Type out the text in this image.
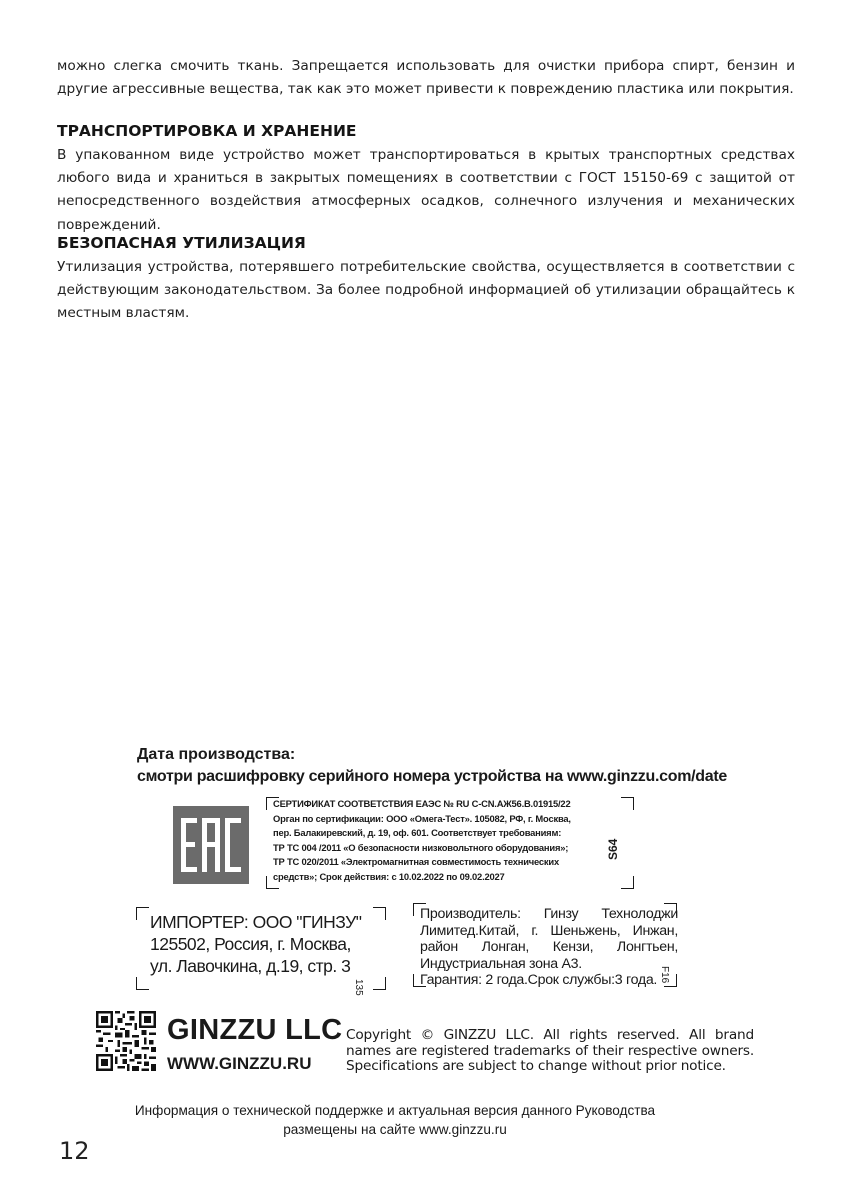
можно слегка смочить ткань. Запрещается использовать для очистки прибора спирт, бензин и другие агрессивные вещества, так как это может привести к повреждению пластика или покрытия.
ТРАНСПОРТИРОВКА И ХРАНЕНИЕ
В упакованном виде устройство может транспортироваться в крытых транспортных средствах любого вида и храниться в закрытых помещениях в соответствии с ГОСТ 15150-69 с защитой от непосредственного воздействия атмосферных осадков, солнечного излучения и механических повреждений.
БЕЗОПАСНАЯ УТИЛИЗАЦИЯ
Утилизация устройства, потерявшего потребительские свойства, осуществляется в соответствии с действующим законодательством. За более подробной информацией об утилизации обращайтесь к местным властям.
Дата производства:
смотри расшифровку серийного номера устройства на www.ginzzu.com/date
СЕРТИФИКАТ СООТВЕТСТВИЯ ЕАЭС № RU C-CN.АЖ56.В.01915/22
Орган по сертификации: ООО «Омега-Тест». 105082, РФ, г. Москва,
пер. Балакиревский, д. 19, оф. 601. Соответствует требованиям:
ТР ТС 004 /2011 «О безопасности низковольтного оборудования»;
ТР ТС 020/2011 «Электромагнитная совместимость технических
средств»; Срок действия: с 10.02.2022 по 09.02.2027
S64
ИМПОРТЕР: ООО "ГИНЗУ"
125502, Россия, г. Москва,
ул. Лавочкина, д.19, стр. 3
135
Производитель: Гинзу Технолоджи
Лимитед.Китай, г. Шеньжень, Инжан,
район Лонган, Кензи, Лонгтьен,
Индустриальная зона А3.
Гарантия: 2 года.Срок службы:3 года. F16
GINZZU LLC
WWW.GINZZU.RU
Copyright © GINZZU LLC. All rights reserved. All brand
names are registered trademarks of their respective owners.
Specifications are subject to change without prior notice.
Информация о технической поддержке и актуальная версия данного Руководства
размещены на сайте www.ginzzu.ru
12
